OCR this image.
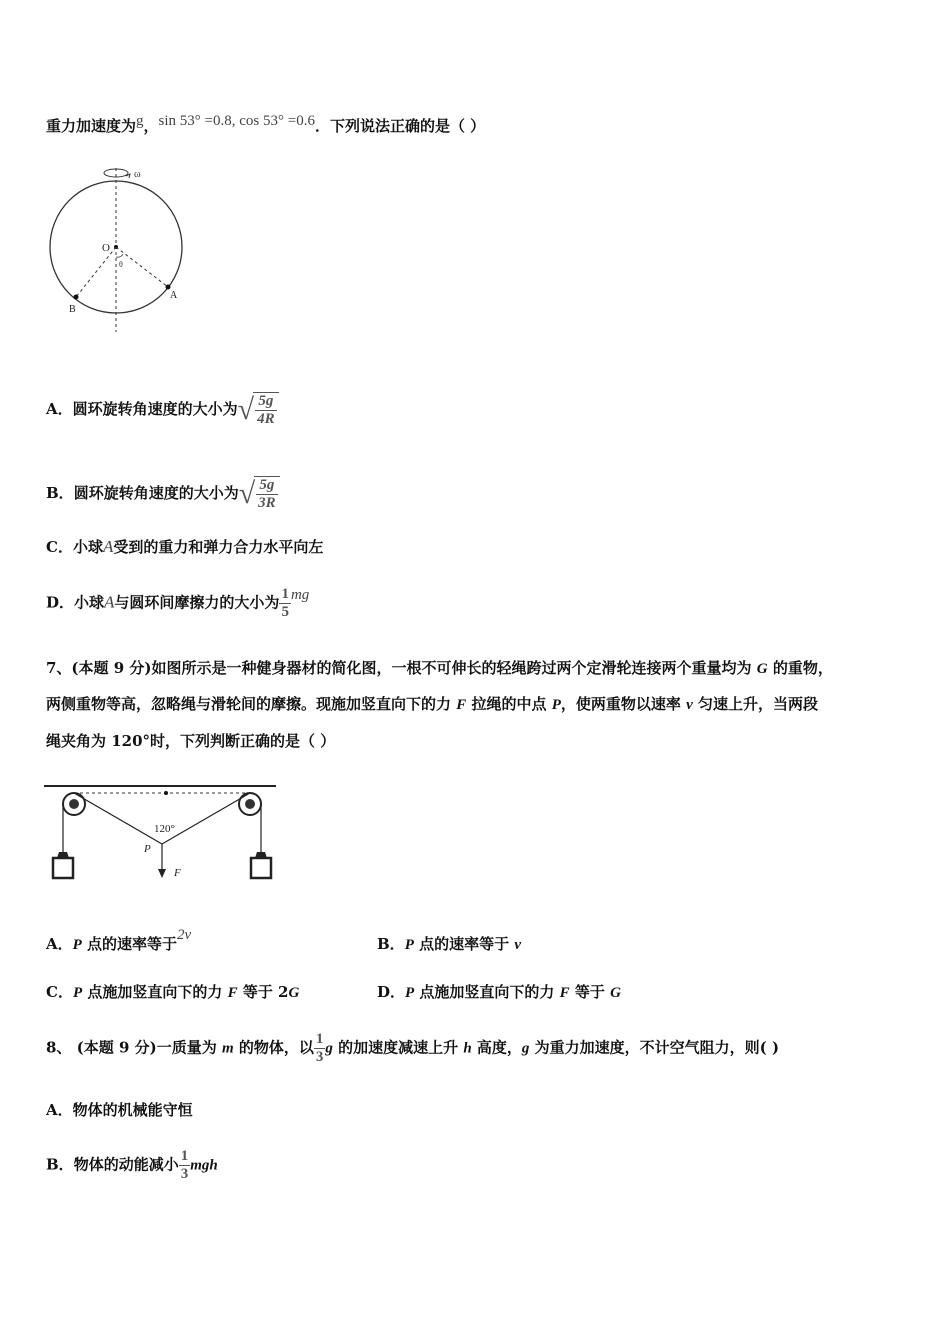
重力加速度为g，sin 53° =0.8, cos 53° =0.6．下列说法正确的是（ ）
ω
O
θ
A
B
A．圆环旋转角速度的大小为 √ $\frac{5g}{4R}$
B．圆环旋转角速度的大小为 √ $\frac{5g}{3R}$
C．小球A受到的重力和弹力合力水平向左
D．小球A与圆环间摩擦力的大小为 $\frac{1}{5}$ mg
7、(本题 9 分)如图所示是一种健身器材的简化图，一根不可伸长的轻绳跨过两个定滑轮连接两个重量均为 G 的重物，
两侧重物等高，忽略绳与滑轮间的摩擦。现施加竖直向下的力 F 拉绳的中点 P，使两重物以速率 v 匀速上升，当两段
绳夹角为 120°时，下列判断正确的是（ ）
120°
P
F
A．P 点的速率等于2v	B．P 点的速率等于 v
C．P 点施加竖直向下的力 F 等于 2G	D．P 点施加竖直向下的力 F 等于 G
8、 (本题 9 分)一质量为 m 的物体，以 $\frac{1}{3}$ g 的加速度减速上升 h 高度，g 为重力加速度，不计空气阻力，则( )
A．物体的机械能守恒
B．物体的动能减小 $\frac{1}{3}$ mgh
